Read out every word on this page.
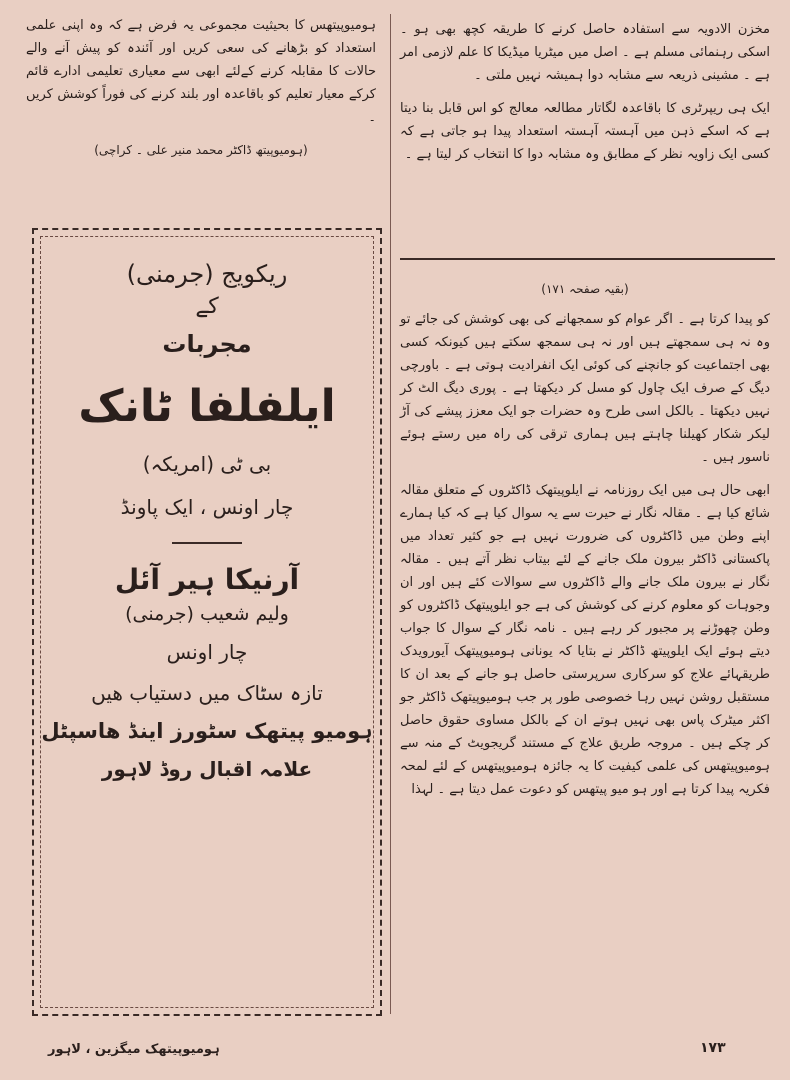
مخزن الادویہ سے استفادہ حاصل کرنے کا طریقہ کچھ بھی ہو ۔ اسکی رہنمائی مسلم ہے ۔ اصل میں میٹریا میڈیکا کا علم لازمی امر ہے ۔ مشینی ذریعہ سے مشابہ دوا ہمیشہ نہیں ملتی ۔

ایک ہی ریپرٹری کا باقاعدہ لگاتار مطالعہ معالج کو اس قابل بنا دیتا ہے کہ اسکے ذہن میں آہستہ آہستہ استعداد پیدا ہو جاتی ہے کہ کسی ایک زاویہ نظر کے مطابق وہ مشابہ دوا کا انتخاب کر لیتا ہے ۔

(بقیہ صفحہ ۱۷۱)

کو پیدا کرتا ہے ۔ اگر عوام کو سمجھانے کی بھی کوشش کی جائے تو وہ نہ ہی سمجھتے ہیں اور نہ ہی سمجھ سکتے ہیں کیونکہ کسی بھی اجتماعیت کو جانچنے کی کوئی ایک انفرادیت ہوتی ہے ۔ باورچی دیگ کے صرف ایک چاول کو مسل کر دیکھتا ہے ۔ پوری دیگ الٹ کر نہیں دیکھتا ۔ بالکل اسی طرح وہ حضرات جو ایک معزز پیشے کی آڑ لیکر شکار کھیلنا چاہتے ہیں ہماری ترقی کی راہ میں رستے ہوئے ناسور ہیں ۔

ابھی حال ہی میں ایک روزنامہ نے ایلوپیتھک ڈاکٹروں کے متعلق مقالہ شائع کیا ہے ۔ مقالہ نگار نے حیرت سے یہ سوال کیا ہے کہ کیا ہمارے اپنے وطن میں ڈاکٹروں کی ضرورت نہیں ہے جو کثیر تعداد میں پاکستانی ڈاکٹر بیرون ملک جانے کے لئے بیتاب نظر آتے ہیں ۔ مقالہ نگار نے بیرون ملک جانے والے ڈاکٹروں سے سوالات کئے ہیں اور ان وجوہات کو معلوم کرنے کی کوشش کی ہے جو ایلوپیتھک ڈاکٹروں کو وطن چھوڑنے پر مجبور کر رہے ہیں ۔ نامہ نگار کے سوال کا جواب دیتے ہوئے ایک ایلوپیتھ ڈاکٹر نے بتایا کہ یونانی ہومیوپیتھک آیورویدک طریقہائے علاج کو سرکاری سرپرستی حاصل ہو جانے کے بعد ان کا مستقبل روشن نہیں رہا خصوصی طور پر جب ہومیوپیتھک ڈاکٹر جو اکثر میٹرک پاس بھی نہیں ہوتے ان کے بالکل مساوی حقوق حاصل کر چکے ہیں ۔ مروجہ طریق علاج کے مستند گریجویٹ کے منہ سے ہومیوپیتھس کی علمی کیفیت کا یہ جائزہ ہومیوپیتھس کے لئے لمحہ فکریہ پیدا کرتا ہے اور ہو میو پیتھس کو دعوت عمل دیتا ہے ۔ لہذا

ہومیوپیتھس کا بحیثیت مجموعی یہ فرض ہے کہ وہ اپنی علمی استعداد کو بڑھانے کی سعی کریں اور آئندہ کو پیش آنے والے حالات کا مقابلہ کرنے کےلئے ابھی سے معیاری تعلیمی ادارے قائم کرکے معیار تعلیم کو باقاعدہ اور بلند کرنے کی فوراً کوشش کریں ۔

(ہومیوپیتھ ڈاکٹر محمد منیر علی ۔ کراچی)
ریکویج (جرمنی)
کے
مجربات
ایلفلفا ٹانک
بی ٹی (امریکہ)
چار اونس ، ایک پاونڈ
آرنیکا ہیر آئل
ولیم شعیب (جرمنی)
چار اونس
تازہ سٹاک میں دستیاب ھیں
ہومیو پیتھک سٹورز اینڈ ھاسپٹل
علامہ اقبال روڈ لاہور
ہومیوپیتھک میگزین ، لاہور	۱۷۳
